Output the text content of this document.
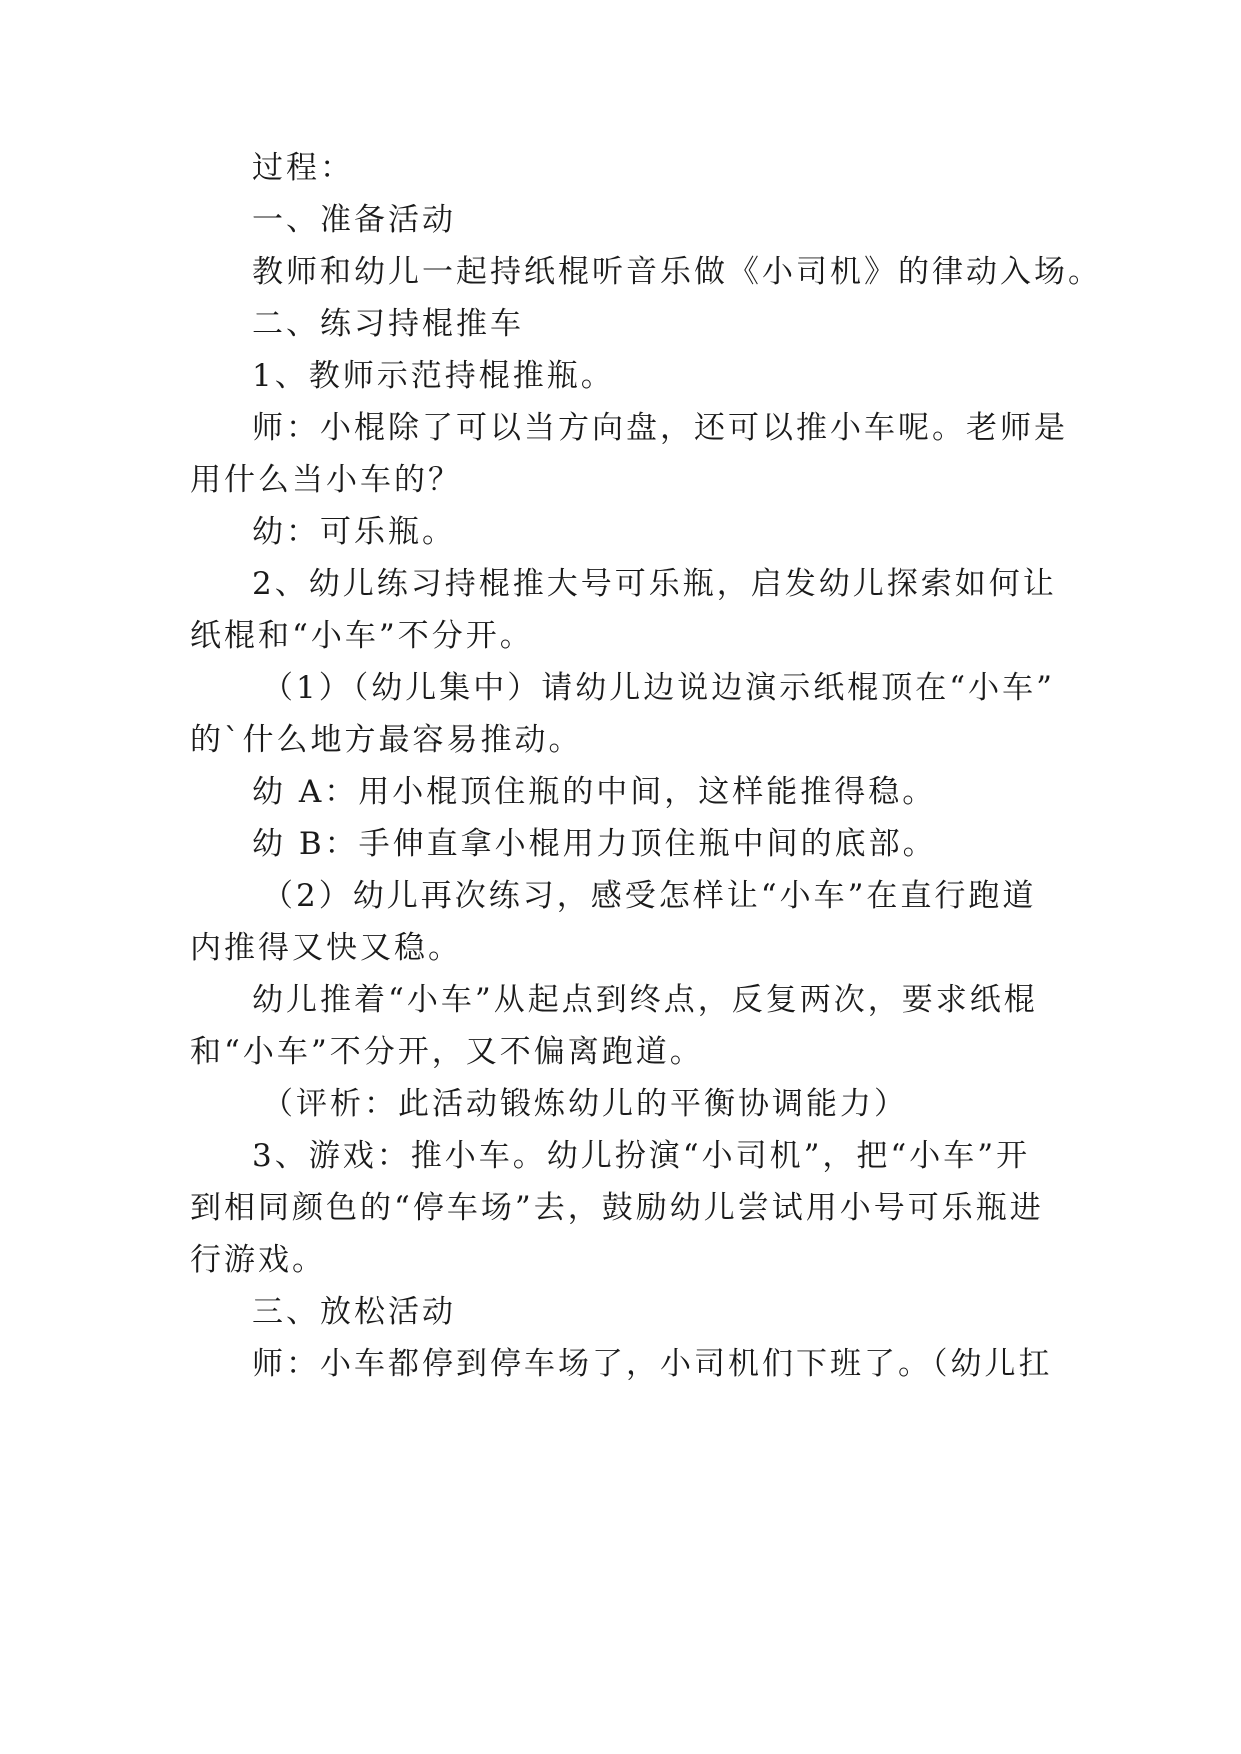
过程：
一、准备活动
教师和幼儿一起持纸棍听音乐做《小司机》的律动入场。
二、练习持棍推车
1、教师示范持棍推瓶。
师：小棍除了可以当方向盘，还可以推小车呢。老师是
用什么当小车的？
幼：可乐瓶。
2、幼儿练习持棍推大号可乐瓶，启发幼儿探索如何让
纸棍和“小车”不分开。
（1）（幼儿集中）请幼儿边说边演示纸棍顶在“小车”
的`什么地方最容易推动。
幼 A：用小棍顶住瓶的中间，这样能推得稳。
幼 B：手伸直拿小棍用力顶住瓶中间的底部。
（2）幼儿再次练习，感受怎样让“小车”在直行跑道
内推得又快又稳。
幼儿推着“小车”从起点到终点，反复两次，要求纸棍
和“小车”不分开，又不偏离跑道。
（评析：此活动锻炼幼儿的平衡协调能力）
3、游戏：推小车。幼儿扮演“小司机”，把“小车”开
到相同颜色的“停车场”去，鼓励幼儿尝试用小号可乐瓶进
行游戏。
三、放松活动
师：小车都停到停车场了，小司机们下班了。（幼儿扛
